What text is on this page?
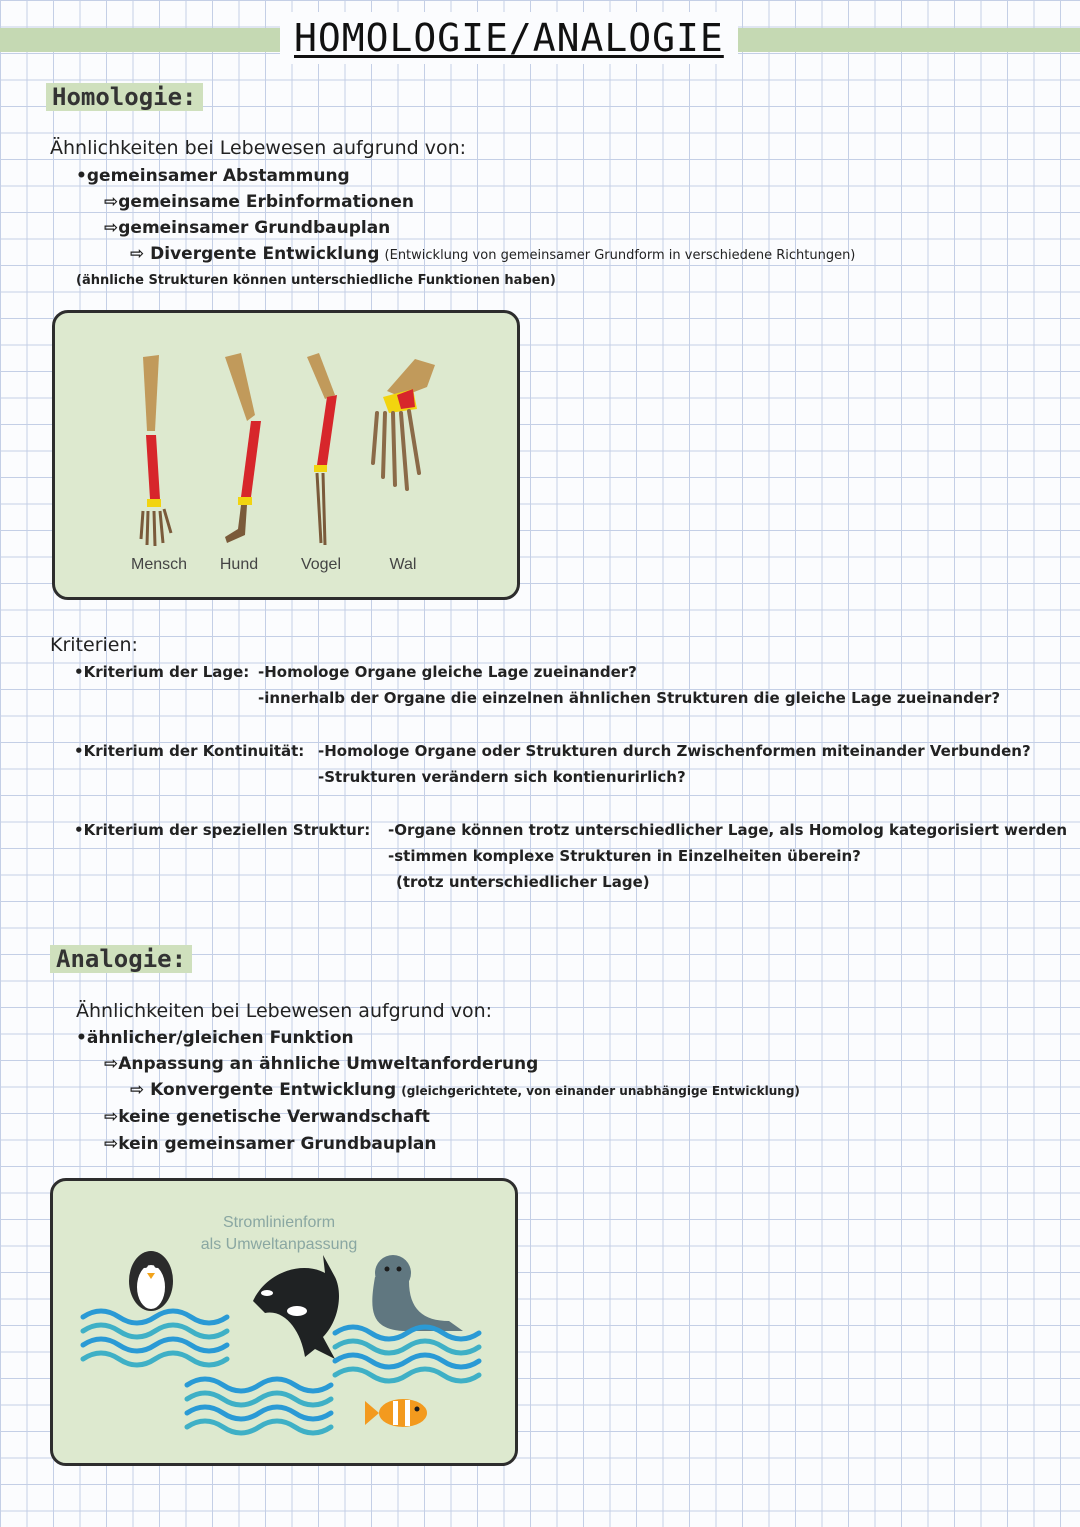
HOMOLOGIE/ANALOGIE
Homologie:
Ähnlichkeiten bei Lebewesen aufgrund von:
•gemeinsamer Abstammung
⇨gemeinsame Erbinformationen
⇨gemeinsamer Grundbauplan
⇨ Divergente Entwicklung (Entwicklung von gemeinsamer Grundform in verschiedene Richtungen)
(ähnliche Strukturen können unterschiedliche Funktionen haben)
Mensch Hund	Vogel	Wal
Kriterien:
•Kriterium der Lage: -Homologe Organe gleiche Lage zueinander?
-innerhalb der Organe die einzelnen ähnlichen Strukturen die gleiche Lage zueinander?
•Kriterium der Kontinuität: -Homologe Organe oder Strukturen durch Zwischenformen miteinander Verbunden?
-Strukturen verändern sich kontienurirlich?
•Kriterium der speziellen Struktur: -Organe können trotz unterschiedlicher Lage, als Homolog kategorisiert werden
-stimmen komplexe Strukturen in Einzelheiten überein?
(trotz unterschiedlicher Lage)
Analogie:
Ähnlichkeiten bei Lebewesen aufgrund von:
•ähnlicher/gleichen Funktion
⇨Anpassung an ähnliche Umweltanforderung
⇨ Konvergente Entwicklung (gleichgerichtete, von einander unabhängige Entwicklung)
⇨keine genetische Verwandschaft
⇨kein gemeinsamer Grundbauplan
Stromlinienform
als Umweltanpassung
